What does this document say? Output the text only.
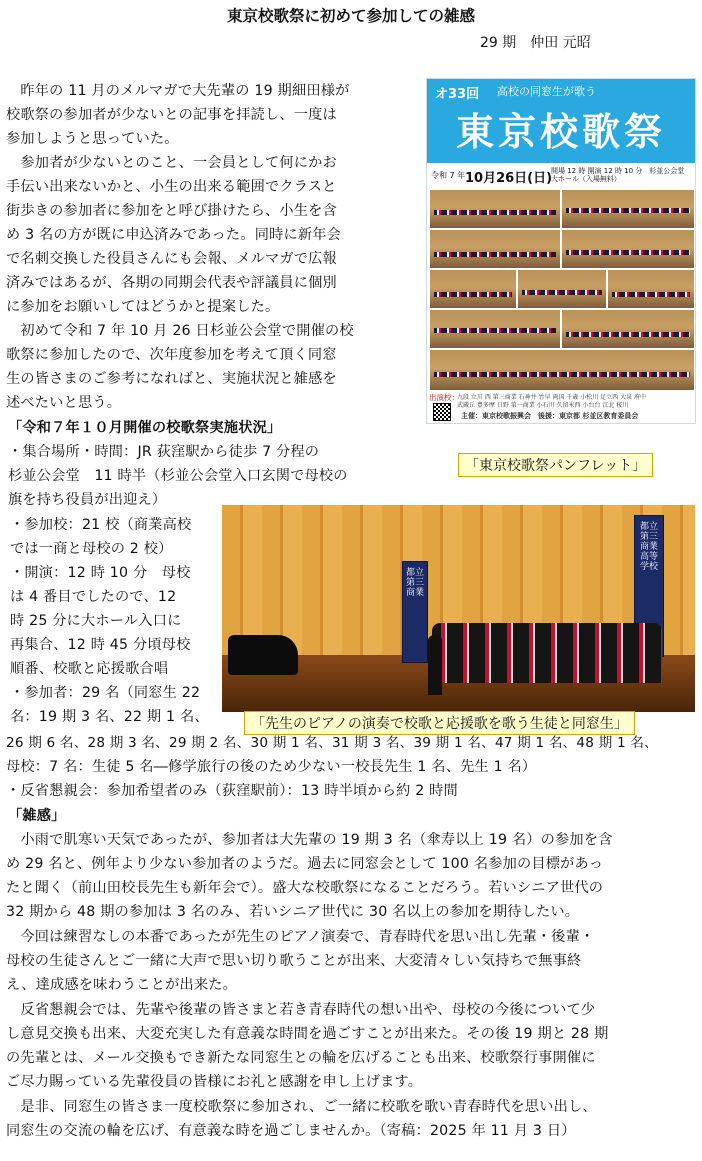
東京校歌祭に初めて参加しての雑感
29 期　仲田 元昭
　昨年の 11 月のメルマガで大先輩の 19 期細田様が
校歌祭の参加者が少ないとの記事を拝読し、一度は
参加しようと思っていた。
　参加者が少ないとのこと、一会員として何にかお
手伝い出来ないかと、小生の出来る範囲でクラスと
街歩きの参加者に参加をと呼び掛けたら、小生を含
め 3 名の方が既に申込済みであった。同時に新年会
で名刺交換した役員さんにも会報、メルマガで広報
済みではあるが、各期の同期会代表や評議員に個別
に参加をお願いしてはどうかと提案した。
　初めて令和 7 年 10 月 26 日杉並公会堂で開催の校
歌祭に参加したので、次年度参加を考えて頂く同窓
生の皆さまのご参考になればと、実施状況と雑感を
述べたいと思う。
「令和７年１０月開催の校歌祭実施状況」
・集合場所・時間：JR 荻窪駅から徒歩 7 分程の
杉並公会堂　11 時半（杉並公会堂入口玄関で母校の
旗を持ち役員が出迎え）
・参加校：21 校（商業高校
では一商と母校の 2 校）
・開演：12 時 10 分　母校
は 4 番目でしたので、12
時 25 分に大ホール入口に
再集合、12 時 45 分頃母校
順番、校歌と応援歌合唱
・参加者：29 名（同窓生 22
名：19 期 3 名、22 期 1 名、
26 期 6 名、28 期 3 名、29 期 2 名、30 期 1 名、31 期 3 名、39 期 1 名、47 期 1 名、48 期 1 名、
母校：7 名：生徒 5 名―修学旅行の後のため少ない一校長先生 1 名、先生 1 名）
・反省懇親会：参加希望者のみ（荻窪駅前）：13 時半頃から約 2 時間
「雑感」
　小雨で肌寒い天気であったが、参加者は大先輩の 19 期 3 名（傘寿以上 19 名）の参加を含
め 29 名と、例年より少ない参加者のようだ。過去に同窓会として 100 名参加の目標があっ
たと聞く（前山田校長先生も新年会で）。盛大な校歌祭になることだろう。若いシニア世代の
32 期から 48 期の参加は 3 名のみ、若いシニア世代に 30 名以上の参加を期待したい。
　今回は練習なしの本番であったが先生のピアノ演奏で、青春時代を思い出し先輩・後輩・
母校の生徒さんとご一緒に大声で思い切り歌うことが出来、大変清々しい気持ちで無事終
え、達成感を味わうことが出来た。
　反省懇親会では、先輩や後輩の皆さまと若き青春時代の想い出や、母校の今後について少
し意見交換も出来、大変充実した有意義な時間を過ごすことが出来た。その後 19 期と 28 期
の先輩とは、メール交換もでき新たな同窓生との輪を広げることも出来、校歌祭行事開催に
ご尽力賜っている先輩役員の皆様にお礼と感謝を申し上げます。
　是非、同窓生の皆さま一度校歌祭に参加され、ご一緒に校歌を歌い青春時代を思い出し、
同窓生の交流の輪を広げ、有意義な時を過ごしませんか。（寄稿：2025 年 11 月 3 日）
オ33回 高校の同窓生が歌う
東京校歌祭
令和 7 年 10月26日(日)
開場 12 時 開演 12 時 10 分　杉並公会堂 大ホール（入場無料）
出演校：
九段 立川 西 第三商業 石神井 竹早 両国 千歳 小松川 足立西 大泉 府中
武蔵丘 豊多摩 日野 第一商業 小石川 久留米西 小台台 江北 桜川
主催：東京校歌振興会　後援：東京都 杉並区教育委員会
「東京校歌祭パンフレット」
都立第三商業
都立第三商業高等学校
「先生のピアノの演奏で校歌と応援歌を歌う生徒と同窓生」
